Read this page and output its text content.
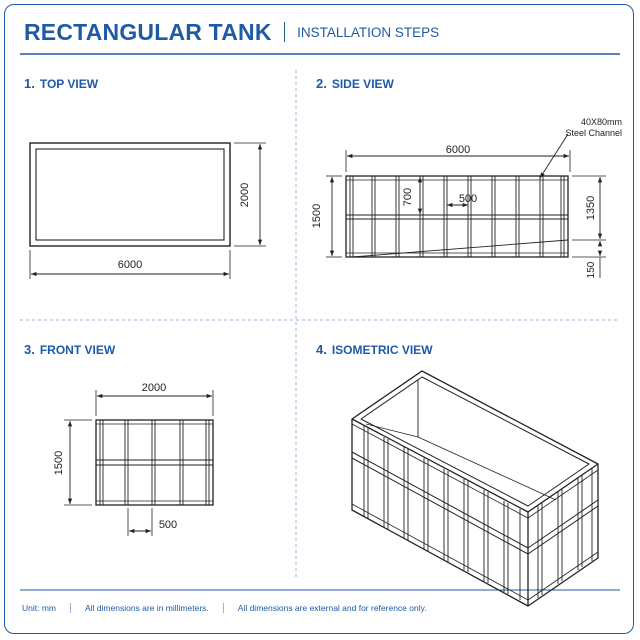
RECTANGULAR TANK INSTALLATION STEPS
1. TOP VIEW	2. SIDE VIEW
3. FRONT VIEW	4. ISOMETRIC VIEW
6000
2000
6000
40X80mm
Steel Channel
1500
700	500	1350
150
2000
1500
500
Unit: mm	All dimensions are in millimeters.	All dimensions are external and for reference only.
